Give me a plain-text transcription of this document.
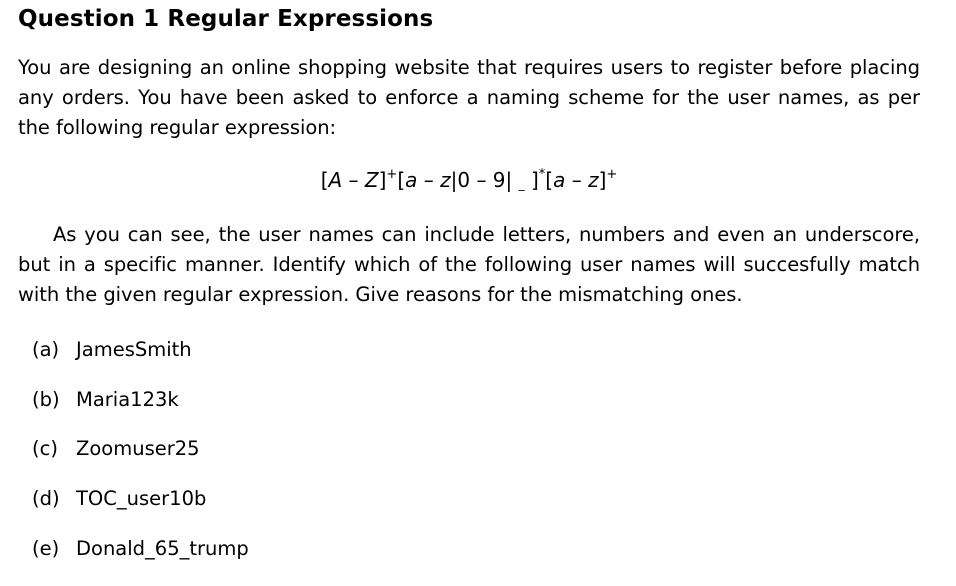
Question 1 Regular Expressions

You are designing an online shopping website that requires users to register before placing any orders. You have been asked to enforce a naming scheme for the user names, as per the following regular expression:

[A – Z]+[a – z|0 – 9| _ ]*[a – z]+

As you can see, the user names can include letters, numbers and even an underscore, but in a specific manner. Identify which of the following user names will succesfully match with the given regular expression. Give reasons for the mismatching ones.

(a) JamesSmith
(b) Maria123k
(c) Zoomuser25
(d) TOC_user10b
(e) Donald_65_trump
